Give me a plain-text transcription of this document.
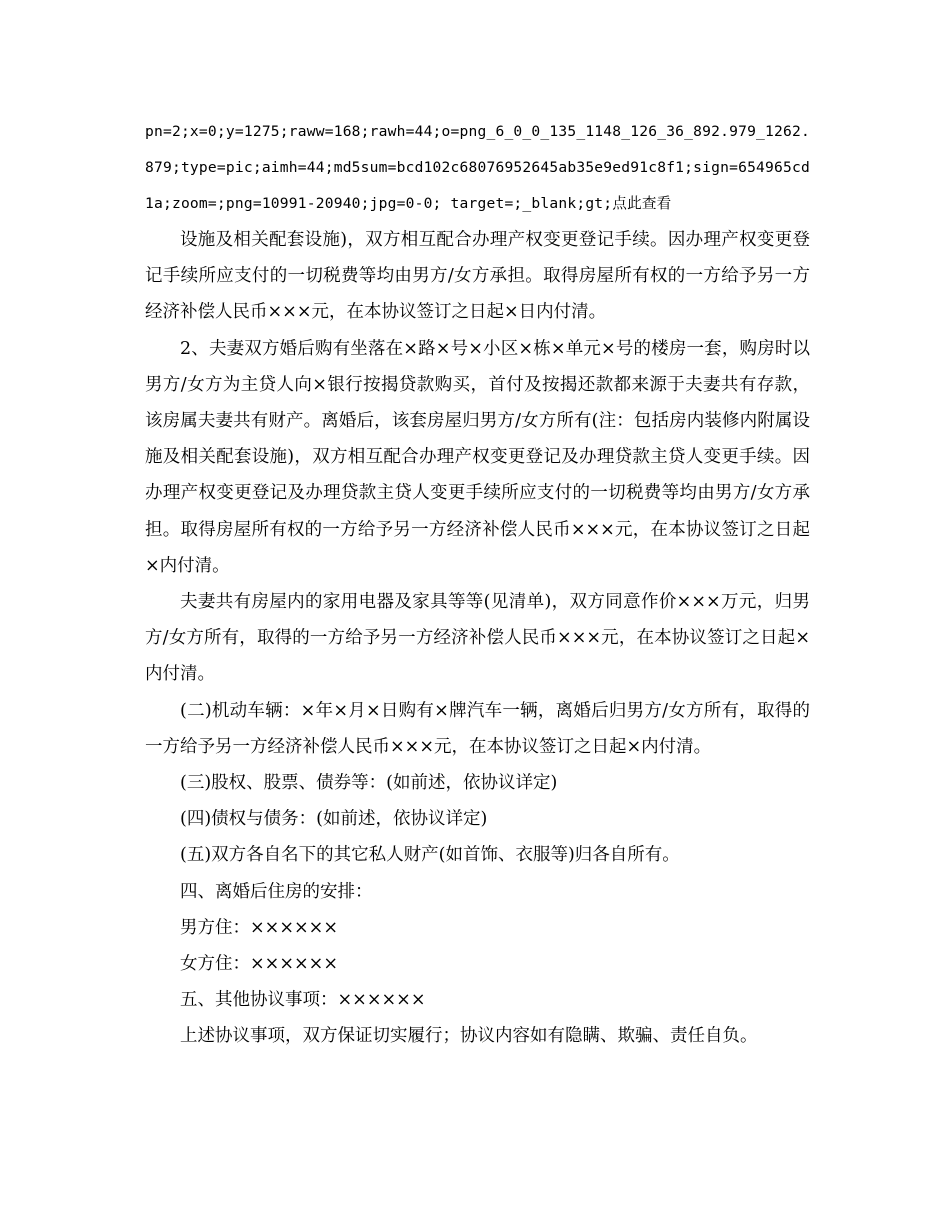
pn=2;x=0;y=1275;raww=168;rawh=44;o=png_6_0_0_135_1148_126_36_892.979_1262.879;type=pic;aimh=44;md5sum=bcd102c68076952645ab35e9ed91c8f1;sign=654965cd1a;zoom=;png=10991-20940;jpg=0-0; target=;_blank;gt;点此查看

设施及相关配套设施)，双方相互配合办理产权变更登记手续。因办理产权变更登记手续所应支付的一切税费等均由男方/女方承担。取得房屋所有权的一方给予另一方经济补偿人民币×××元，在本协议签订之日起×日内付清。

2、夫妻双方婚后购有坐落在×路×号×小区×栋×单元×号的楼房一套，购房时以男方/女方为主贷人向×银行按揭贷款购买，首付及按揭还款都来源于夫妻共有存款，该房属夫妻共有财产。离婚后，该套房屋归男方/女方所有(注：包括房内装修内附属设施及相关配套设施)，双方相互配合办理产权变更登记及办理贷款主贷人变更手续。因办理产权变更登记及办理贷款主贷人变更手续所应支付的一切税费等均由男方/女方承担。取得房屋所有权的一方给予另一方经济补偿人民币×××元，在本协议签订之日起×内付清。

夫妻共有房屋内的家用电器及家具等等(见清单)，双方同意作价×××万元，归男方/女方所有，取得的一方给予另一方经济补偿人民币×××元，在本协议签订之日起×内付清。

(二)机动车辆：×年×月×日购有×牌汽车一辆，离婚后归男方/女方所有，取得的一方给予另一方经济补偿人民币×××元，在本协议签订之日起×内付清。

(三)股权、股票、债券等：(如前述，依协议详定)

(四)债权与债务：(如前述，依协议详定)

(五)双方各自名下的其它私人财产(如首饰、衣服等)归各自所有。

四、离婚后住房的安排：

男方住：××××××

女方住：××××××

五、其他协议事项：××××××

上述协议事项，双方保证切实履行；协议内容如有隐瞒、欺骗、责任自负。
